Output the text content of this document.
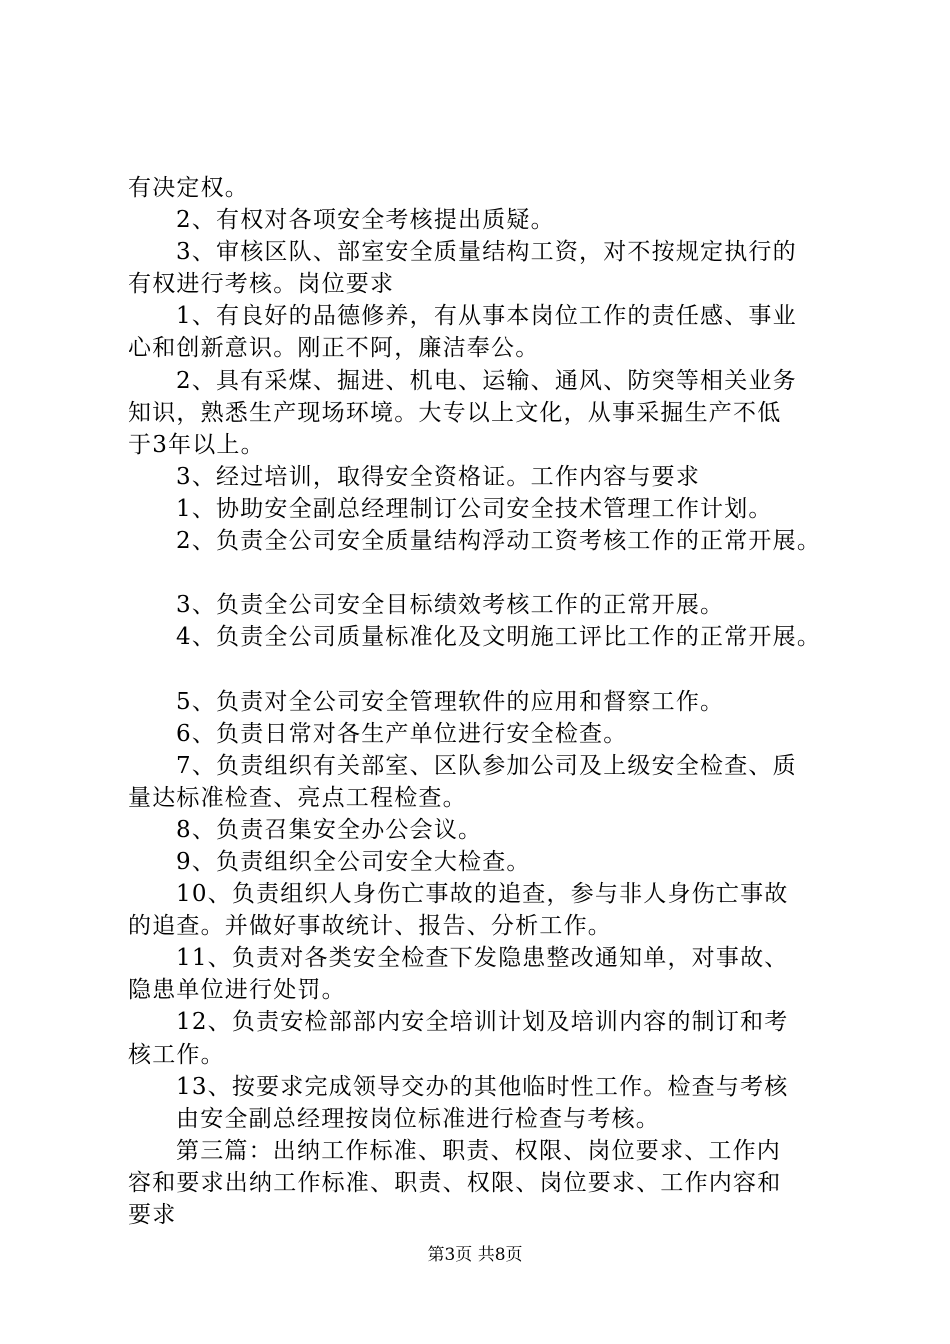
有决定权。
2、有权对各项安全考核提出质疑。
3、审核区队、部室安全质量结构工资，对不按规定执行的
有权进行考核。岗位要求
1、有良好的品德修养，有从事本岗位工作的责任感、事业
心和创新意识。刚正不阿，廉洁奉公。
2、具有采煤、掘进、机电、运输、通风、防突等相关业务
知识，熟悉生产现场环境。大专以上文化，从事采掘生产不低
于3年以上。
3、经过培训，取得安全资格证。工作内容与要求
1、协助安全副总经理制订公司安全技术管理工作计划。
2、负责全公司安全质量结构浮动工资考核工作的正常开展。
3、负责全公司安全目标绩效考核工作的正常开展。
4、负责全公司质量标准化及文明施工评比工作的正常开展。
5、负责对全公司安全管理软件的应用和督察工作。
6、负责日常对各生产单位进行安全检查。
7、负责组织有关部室、区队参加公司及上级安全检查、质
量达标准检查、亮点工程检查。
8、负责召集安全办公会议。
9、负责组织全公司安全大检查。
10、负责组织人身伤亡事故的追查，参与非人身伤亡事故
的追查。并做好事故统计、报告、分析工作。
11、负责对各类安全检查下发隐患整改通知单，对事故、
隐患单位进行处罚。
12、负责安检部部内安全培训计划及培训内容的制订和考
核工作。
13、按要求完成领导交办的其他临时性工作。检查与考核
由安全副总经理按岗位标准进行检查与考核。
第三篇：出纳工作标准、职责、权限、岗位要求、工作内
容和要求出纳工作标准、职责、权限、岗位要求、工作内容和
要求
第3页 共8页
